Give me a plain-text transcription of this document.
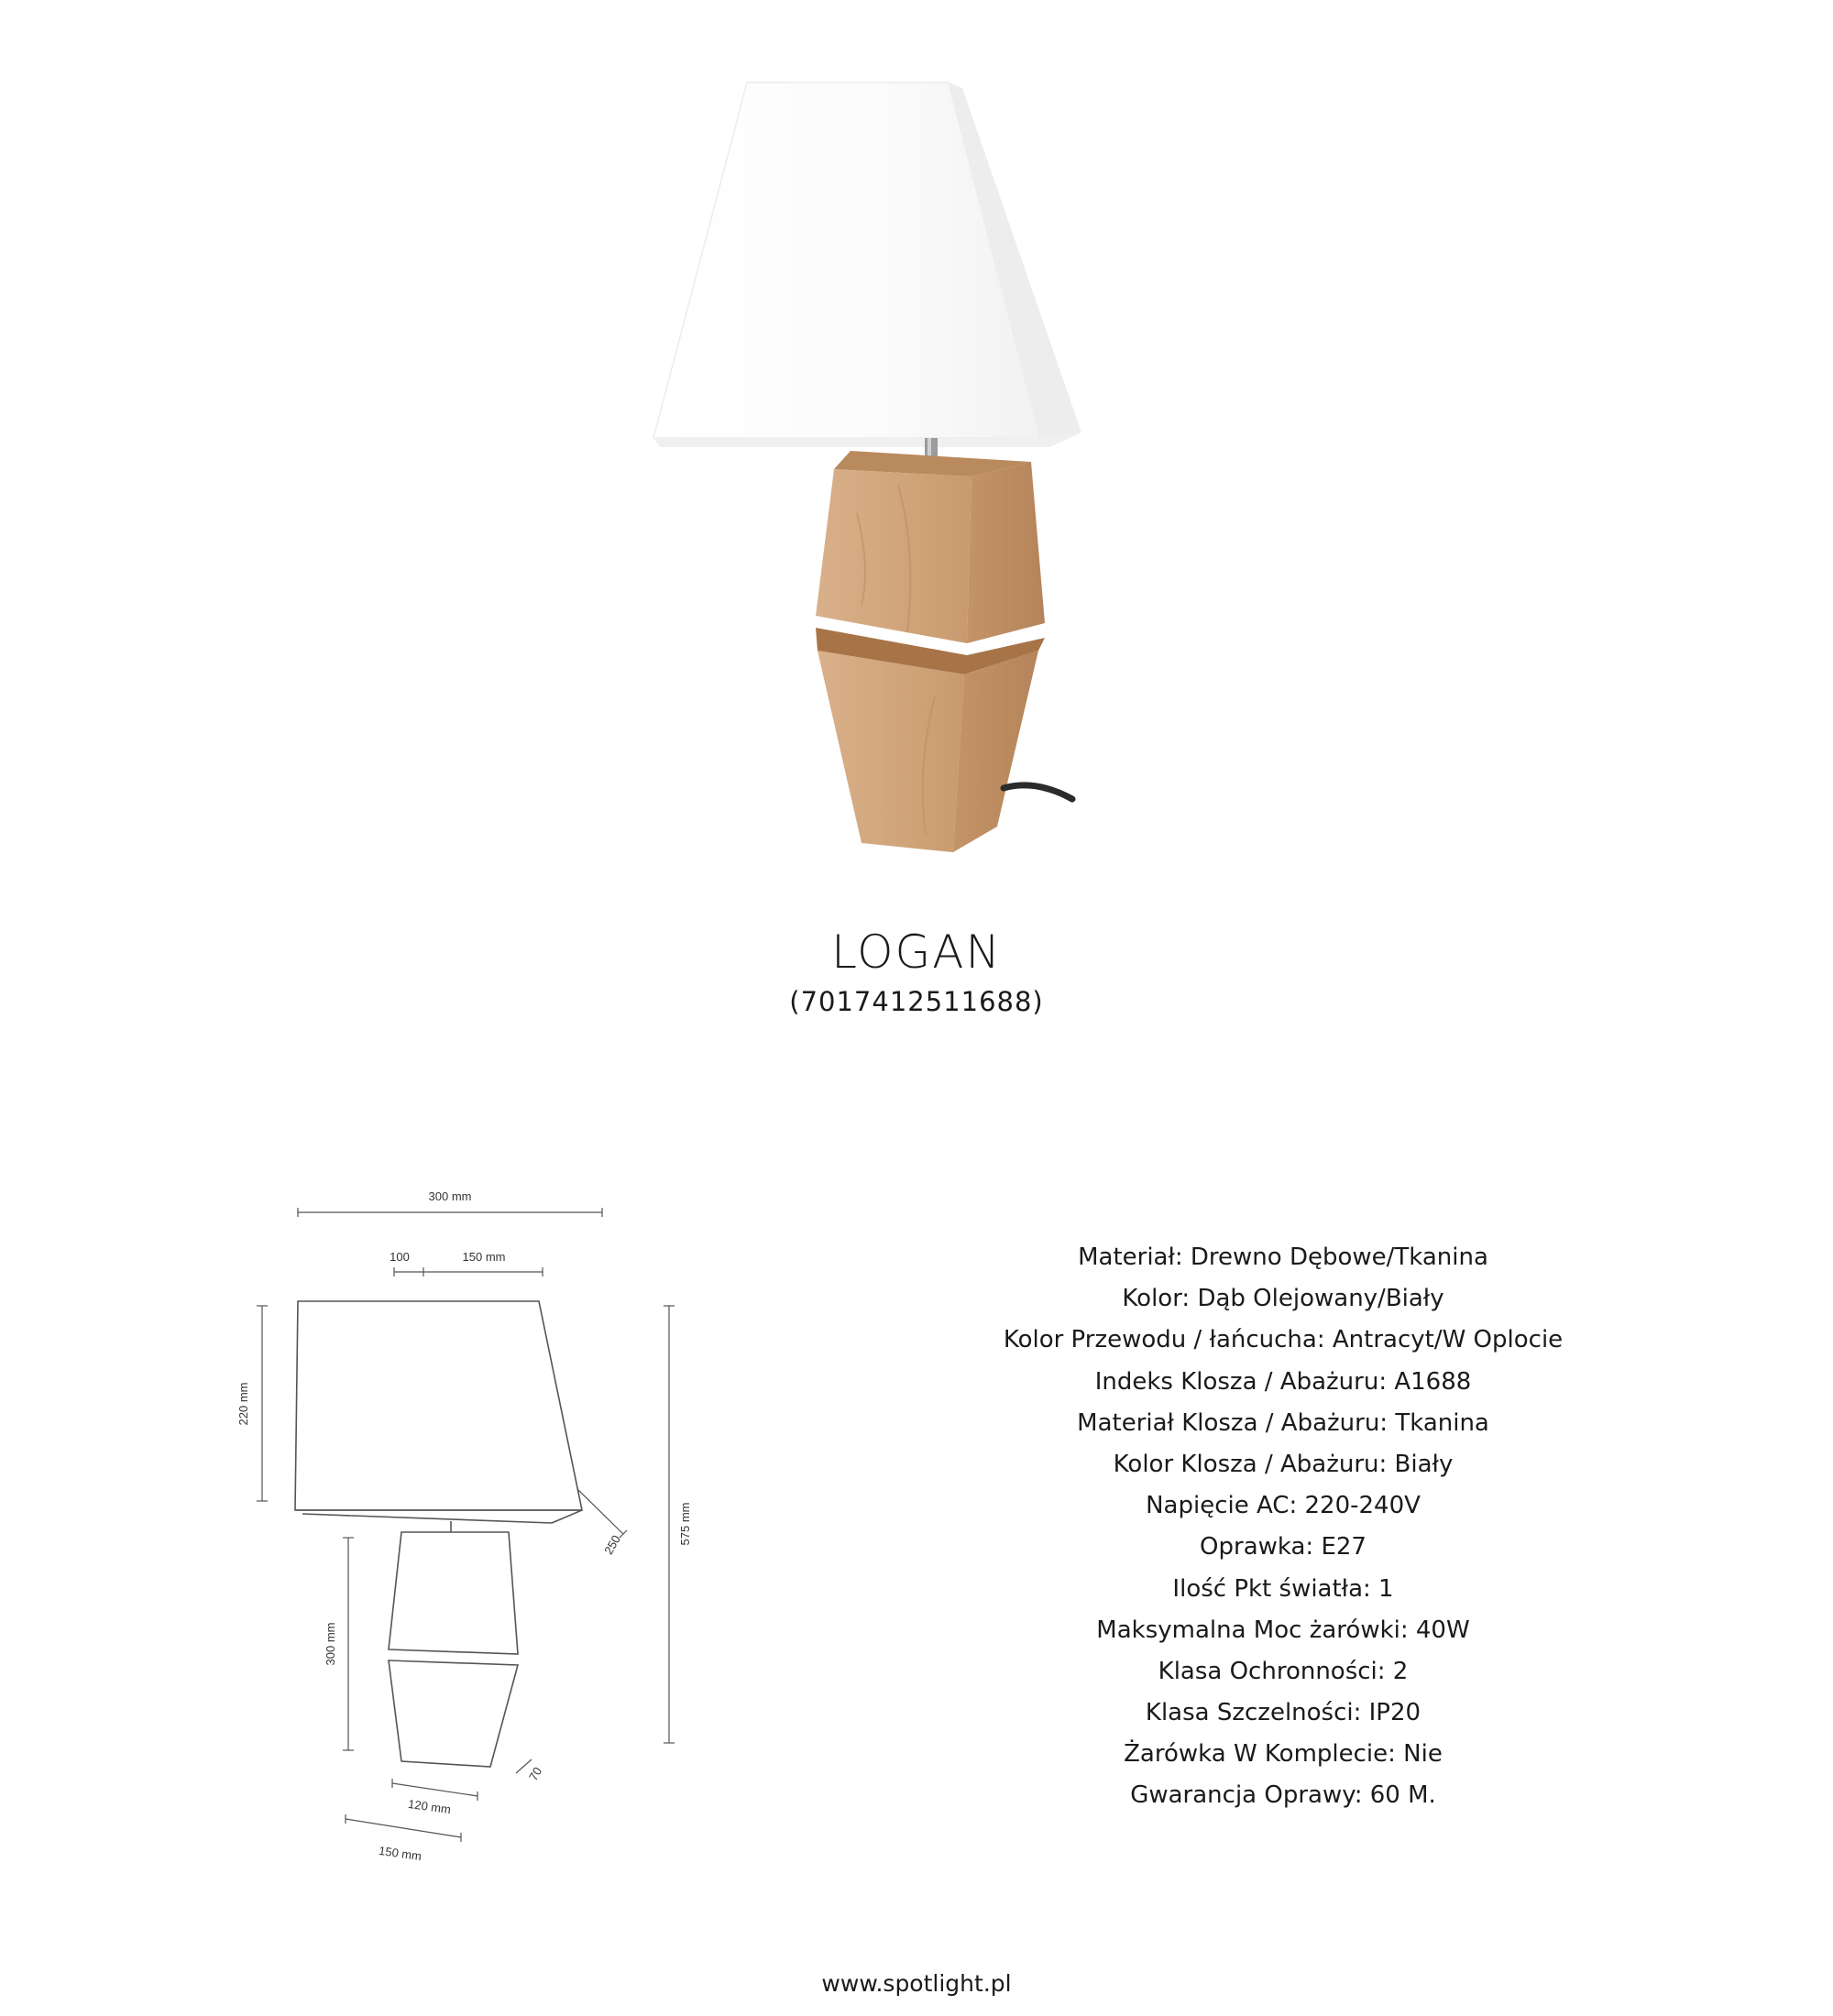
LOGAN
(7017412511688)
300 mm
100	150 mm
220 mm
575 mm
250
300 mm
70
120 mm
150 mm
Materiał: Drewno Dębowe/Tkanina
Kolor: Dąb Olejowany/Biały
Kolor Przewodu / łańcucha: Antracyt/W Oplocie
Indeks Klosza / Abażuru: A1688
Materiał Klosza / Abażuru: Tkanina
Kolor Klosza / Abażuru: Biały
Napięcie AC: 220-240V
Oprawka: E27
Ilość Pkt światła: 1
Maksymalna Moc żarówki: 40W
Klasa Ochronności: 2
Klasa Szczelności: IP20
Żarówka W Komplecie: Nie
Gwarancja Oprawy: 60 M.
www.spotlight.pl
